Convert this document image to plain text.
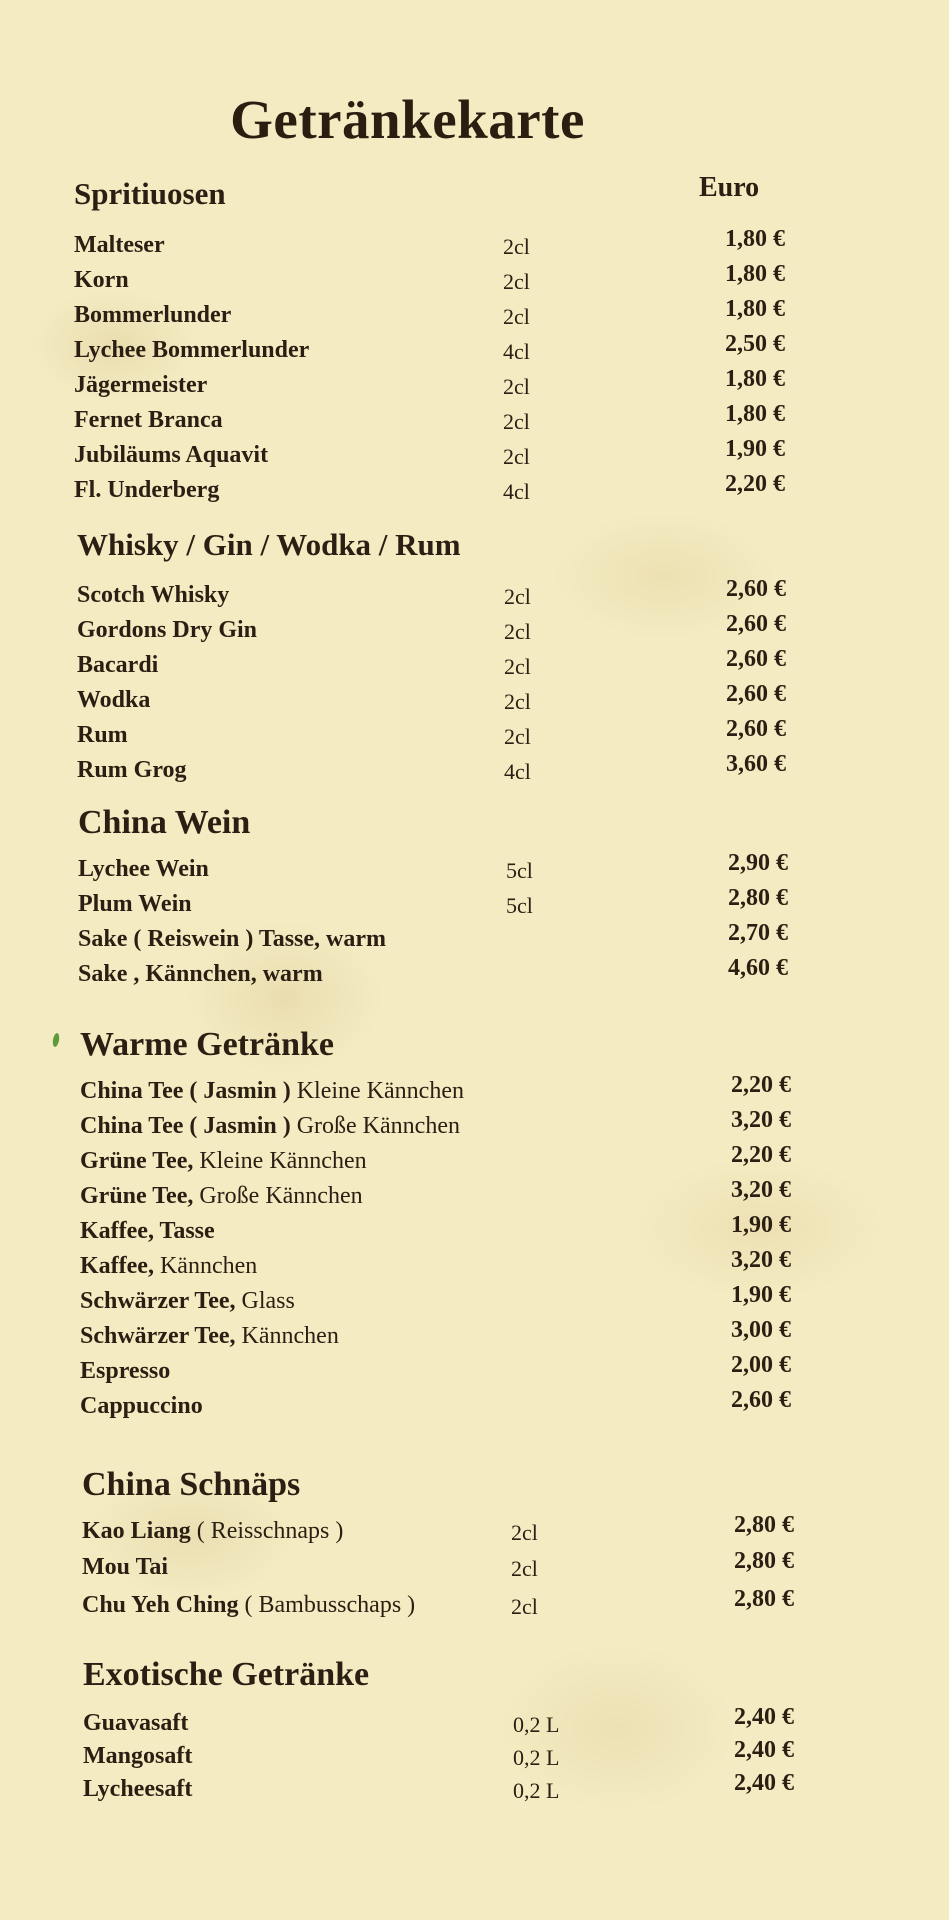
Getränkekarte
Euro
Spritiuosen
Malteser	2cl	1,80 €
Korn	2cl	1,80 €
Bommerlunder	2cl	1,80 €
Lychee Bommerlunder	4cl	2,50 €
Jägermeister	2cl	1,80 €
Fernet Branca	2cl	1,80 €
Jubiläums Aquavit	2cl	1,90 €
Fl. Underberg	4cl	2,20 €
Whisky / Gin / Wodka / Rum
Scotch Whisky	2cl	2,60 €
Gordons Dry Gin	2cl	2,60 €
Bacardi	2cl	2,60 €
Wodka	2cl	2,60 €
Rum	2cl	2,60 €
Rum Grog	4cl	3,60 €
China Wein
Lychee Wein	5cl	2,90 €
Plum Wein	5cl	2,80 €
Sake ( Reiswein ) Tasse, warm	2,70 €
Sake , Kännchen, warm	4,60 €
Warme Getränke
China Tee ( Jasmin ) Kleine Kännchen	2,20 €
China Tee ( Jasmin ) Große Kännchen	3,20 €
Grüne Tee, Kleine Kännchen	2,20 €
Grüne Tee, Große Kännchen	3,20 €
Kaffee, Tasse	1,90 €
Kaffee, Kännchen	3,20 €
Schwärzer Tee, Glass	1,90 €
Schwärzer Tee, Kännchen	3,00 €
Espresso	2,00 €
Cappuccino	2,60 €
China Schnäps
Kao Liang ( Reisschnaps )	2cl	2,80 €
Mou Tai	2cl	2,80 €
Chu Yeh Ching ( Bambusschaps )	2cl	2,80 €
Exotische Getränke
Guavasaft	0,2 L	2,40 €
Mangosaft	0,2 L	2,40 €
Lycheesaft	0,2 L	2,40 €
